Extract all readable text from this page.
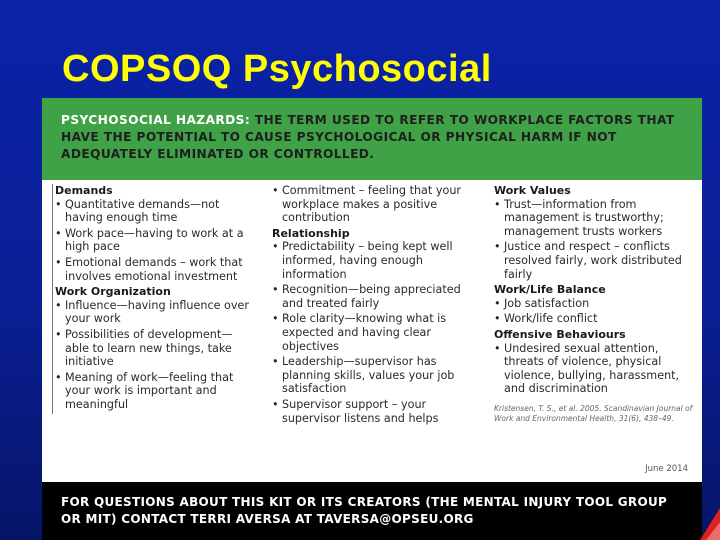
COPSOQ Psychosocial
PSYCHOSOCIAL HAZARDS: THE TERM USED TO REFER TO WORKPLACE FACTORS THAT HAVE THE POTENTIAL TO CAUSE PSYCHOLOGICAL OR PHYSICAL HARM IF NOT ADEQUATELY ELIMINATED OR CONTROLLED.
Demands
• Quantitative demands—not having enough time
• Work pace—having to work at a high pace
• Emotional demands – work that involves emotional investment
Work Organization
• Influence—having influence over your work
• Possibilities of development—able to learn new things, take initiative
• Meaning of work—feeling that your work is important and meaningful
• Commitment – feeling that your workplace makes a positive contribution
Relationship
• Predictability – being kept well informed, having enough information
• Recognition—being appreciated and treated fairly
• Role clarity—knowing what is expected and having clear objectives
• Leadership—supervisor has planning skills, values your job satisfaction
• Supervisor support – your supervisor listens and helps
Work Values
• Trust—information from management is trustworthy; management trusts workers
• Justice and respect – conflicts resolved fairly, work distributed fairly
Work/Life Balance
• Job satisfaction
• Work/life conflict
Offensive Behaviours
• Undesired sexual attention, threats of violence, physical violence, bullying, harassment, and discrimination
Kristensen, T. S., et al. 2005. Scandinavian Journal of Work and Environmental Health, 31(6), 438–49.
June 2014
FOR QUESTIONS ABOUT THIS KIT OR ITS CREATORS (THE MENTAL INJURY TOOL GROUP OR MIT) CONTACT TERRI AVERSA AT TAVERSA@OPSEU.ORG
